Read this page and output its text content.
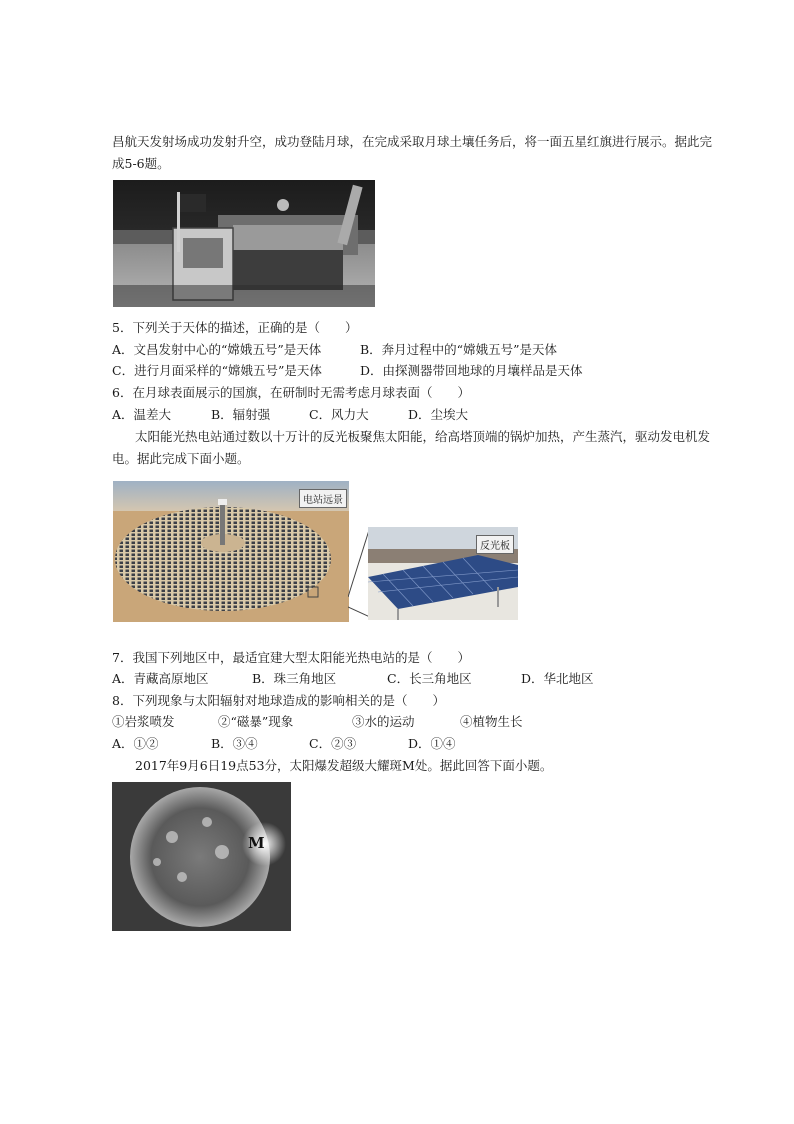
昌航天发射场成功发射升空，成功登陆月球，在完成采取月球土壤任务后，将一面五星红旗进行展示。据此完
成5-6题。
5．下列关于天体的描述，正确的是（　　）
A．文昌发射中心的“嫦娥五号”是天体	B．奔月过程中的“嫦娥五号”是天体
C．进行月面采样的“嫦娥五号”是天体	D．由探测器带回地球的月壤样品是天体
6．在月球表面展示的国旗，在研制时无需考虑月球表面（　　）
A．温差大	B．辐射强	C．风力大	D．尘埃大
太阳能光热电站通过数以十万计的反光板聚焦太阳能，给高塔顶端的锅炉加热，产生蒸汽，驱动发电机发
电。据此完成下面小题。
电站远景
反光板
7．我国下列地区中，最适宜建大型太阳能光热电站的是（　　）
A．青藏高原地区	B．珠三角地区	C．长三角地区	D．华北地区
8．下列现象与太阳辐射对地球造成的影响相关的是（　　）
①岩浆喷发	②“磁暴”现象	③水的运动	④植物生长
A．①②	B．③④	C．②③	D．①④
2017年9月6日19点53分，太阳爆发超级大耀斑M处。据此回答下面小题。
M
